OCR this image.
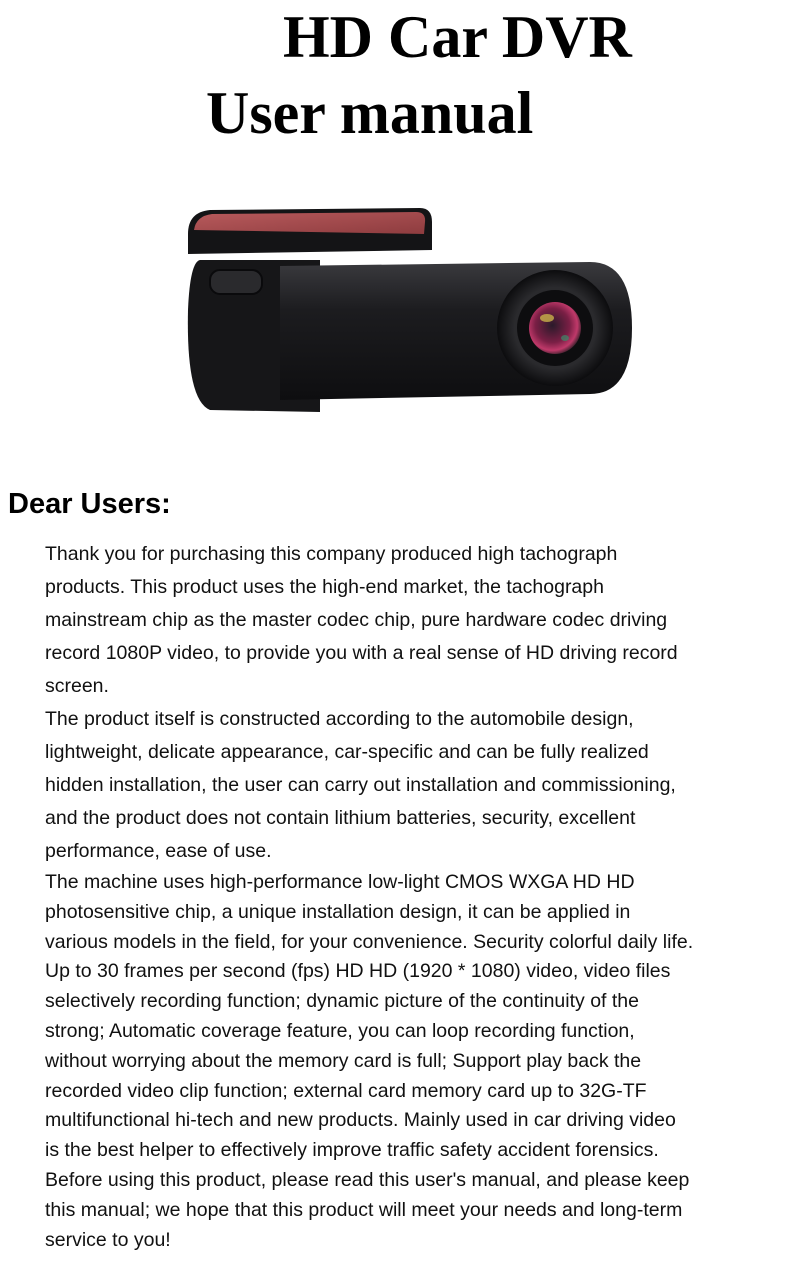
HD Car DVR
User manual
Dear Users:

Thank you for purchasing this company produced high tachograph

products. This product uses the high-end market, the tachograph

mainstream chip as the master codec chip, pure hardware codec driving

record 1080P video, to provide you with a real sense of HD driving record

screen.

The product itself is constructed according to the automobile design,

lightweight, delicate appearance, car-specific and can be fully realized

hidden installation, the user can carry out installation and commissioning,

and the product does not contain lithium batteries, security, excellent

performance, ease of use.

The machine uses high-performance low-light CMOS WXGA HD HD

photosensitive chip, a unique installation design, it can be applied in

various models in the field, for your convenience. Security colorful daily life.

Up to 30 frames per second (fps) HD HD (1920 * 1080) video, video files

selectively recording function; dynamic picture of the continuity of the

strong; Automatic coverage feature, you can loop recording function,

without worrying about the memory card is full; Support play back the

recorded video clip function; external card memory card up to 32G-TF

multifunctional hi-tech and new products. Mainly used in car driving video

is the best helper to effectively improve traffic safety accident forensics.

Before using this product, please read this user's manual, and please keep

this manual; we hope that this product will meet your needs and long-term

service to you!
